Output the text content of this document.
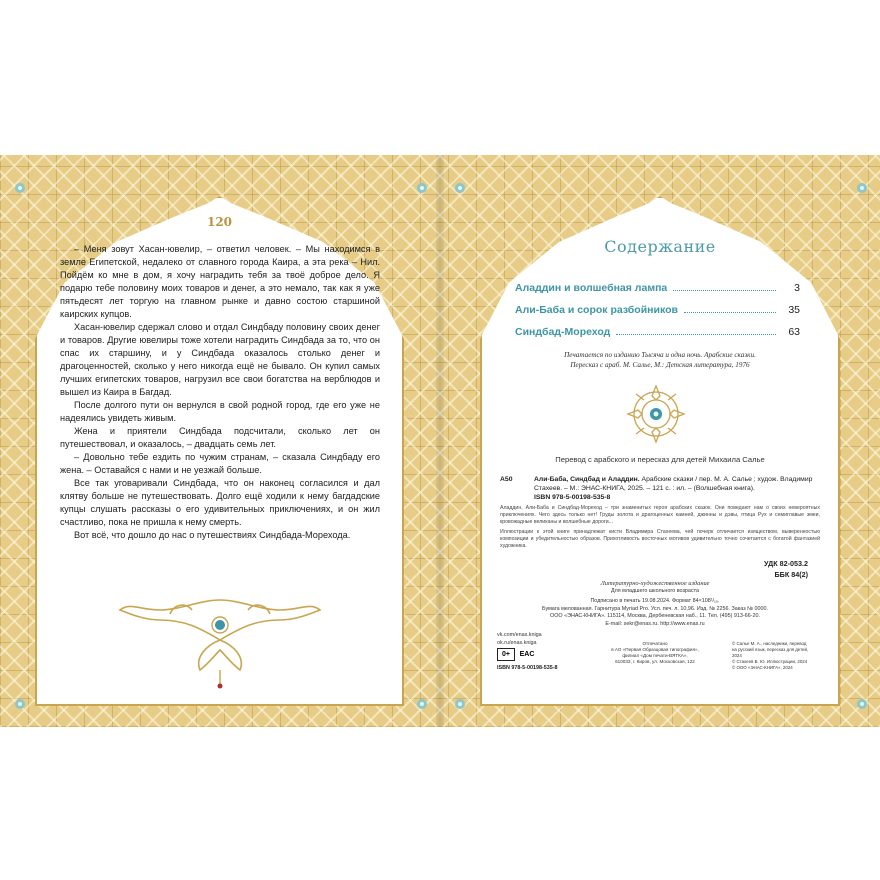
120

– Меня зовут Хасан-ювелир, – ответил человек. – Мы находимся в земле Египетской, недалеко от славного города Каира, а эта река – Нил. Пойдём ко мне в дом, я хочу наградить тебя за твоё доброе дело. Я подарю тебе половину моих товаров и денег, а это немало, так как я уже пятьдесят лет торгую на главном рынке и давно состою старшиной каирских купцов.

Хасан-ювелир сдержал слово и отдал Синдбаду половину своих денег и товаров. Другие ювелиры тоже хотели наградить Синдбада за то, что он спас их старшину, и у Синдбада оказалось столько денег и драгоценностей, сколько у него никогда ещё не бывало. Он купил самых лучших египетских товаров, нагрузил все свои богатства на верблюдов и вышел из Каира в Багдад.

После долгого пути он вернулся в свой родной город, где его уже не надеялись увидеть живым.

Жена и приятели Синдбада подсчитали, сколько лет он путешествовал, и оказалось, – двадцать семь лет.

– Довольно тебе ездить по чужим странам, – сказала Синдбаду его жена. – Оставайся с нами и не уезжай больше.

Все так уговаривали Синдбада, что он наконец согласился и дал клятву больше не путешествовать. Долго ещё ходили к нему багдадские купцы слушать рассказы о его удивительных приключениях, и он жил счастливо, пока не пришла к нему смерть.

Вот всё, что дошло до нас о путешествиях Синдбада-Морехода.

Содержание
Аладдин и волшебная лампа	3
Али-Баба и сорок разбойников	35
Синдбад-Мореход	63
Печатается по изданию Тысяча и одна ночь. Арабские сказки.
Пересказ с араб. М. Салье, М.: Детская литература, 1976
Перевод с арабского и пересказ для детей Михаила Салье
А50	Али-Баба, Синдбад и Аладдин. Арабские сказки / пер. М. А. Салье ; худож. Владимир Стахеев. – М.: ЭНАС-КНИГА, 2025. – 121 с. : ил. – (Волшебная книга).
ISBN 978-5-00198-535-8
Аладдин, Али-Баба и Синдбад-Мореход – три знаменитых героя арабских сказок. Они поведают нам о своих невероятных приключениях. Чего здесь только нет! Груды золота и драгоценных камней, джинны и дэвы, птица Рух и семиглавые змеи, кровожадные великаны и волшебные дороги...
Иллюстрации к этой книге принадлежат кисти Владимира Стахеева, чей почерк отличается изяществом, выверенностью композиции и убедительностью образов. Прихотливость восточных мотивов удивительно точно сочетается с богатой фантазией художника.
УДК 82-053.2
ББК 84(2)
Литературно-художественное издание
Для младшего школьного возраста
Подписано в печать 19.08.2024. Формат 84×108¹/₁₆.
Бумага мелованная. Гарнитура Myriad Pro. Усл. печ. л. 10,96. Изд. № 2256. Заказ № 0000.
ООО «ЭНАС-КНИГА». 115114, Москва, Дербеневская наб., 11. Тел. (495) 913-66-20.
E-mail: sekr@enas.ru. http://www.enas.ru
vk.com/enas.kniga
ok.ru/enas.kniga
0+	EAC
ISBN 978-5-00198-535-8
Отпечатано
в АО «Первая Образцовая типография»,
филиал «Дом печати-ВЯТКА»,
610033, г. Киров, ул. Московская, 122
© Салье М. А., наследники, перевод
на русский язык, пересказ для детей,
2024
© Стахеев В. Ю. Иллюстрации, 2024
© ООО «ЭНАС-КНИГА», 2024
